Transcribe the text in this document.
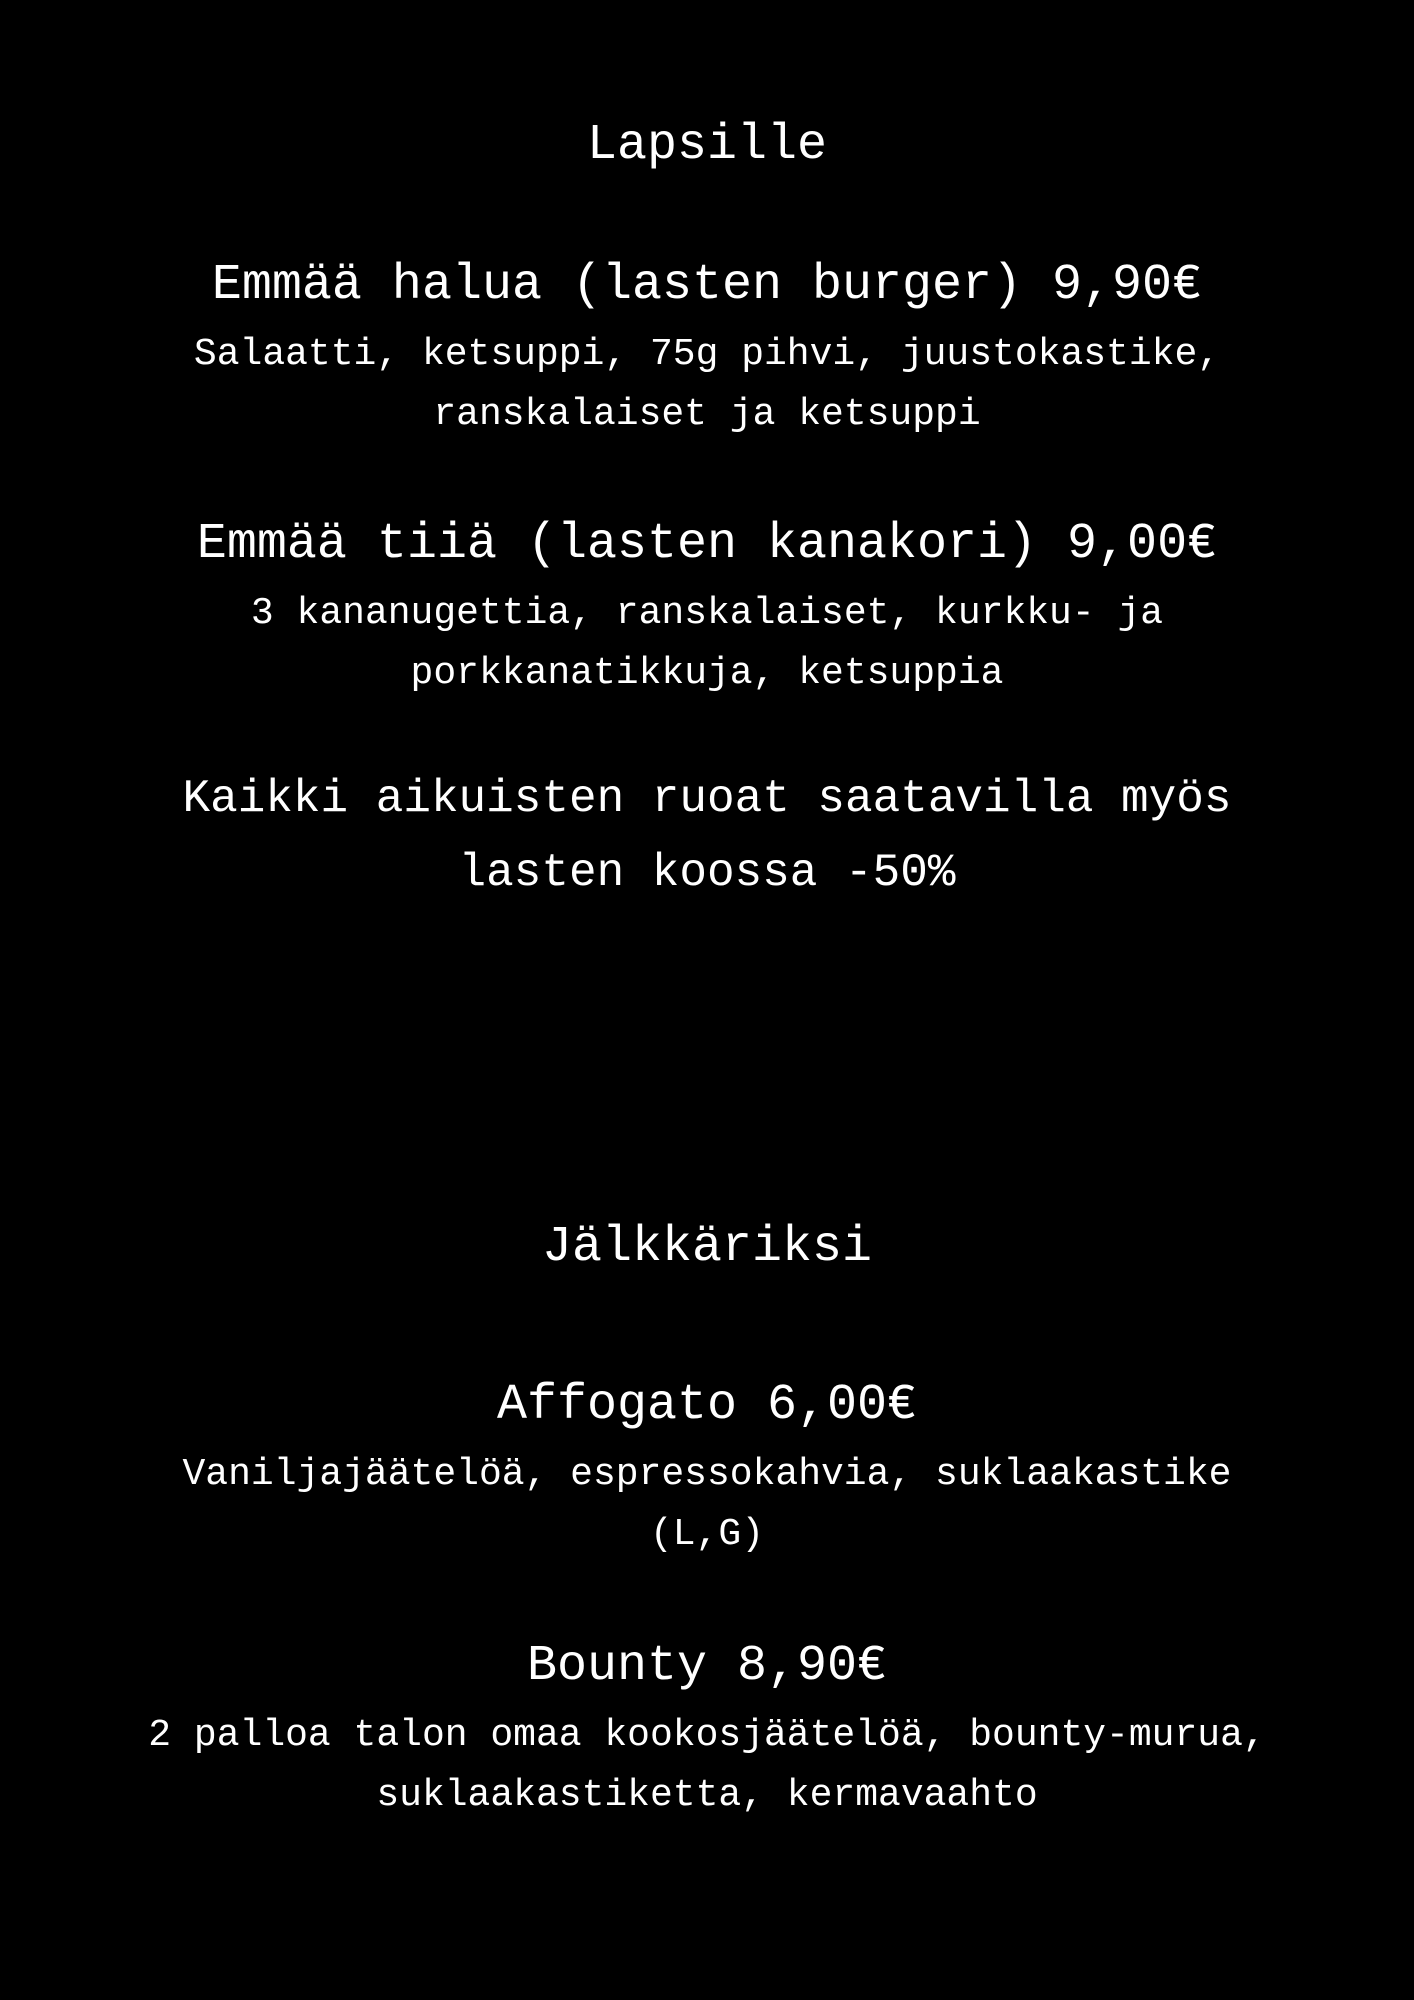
Lapsille
Emmää halua (lasten burger) 9,90€
Salaatti, ketsuppi, 75g pihvi, juustokastike,
ranskalaiset ja ketsuppi
Emmää tiiä (lasten kanakori) 9,00€
3 kananugettia, ranskalaiset, kurkku- ja
porkkanatikkuja, ketsuppia
Kaikki aikuisten ruoat saatavilla myös
lasten koossa -50%
Jälkkäriksi
Affogato 6,00€
Vaniljajäätelöä, espressokahvia, suklaakastike
(L,G)
Bounty 8,90€
2 palloa talon omaa kookosjäätelöä, bounty-murua,
suklaakastiketta, kermavaahto
